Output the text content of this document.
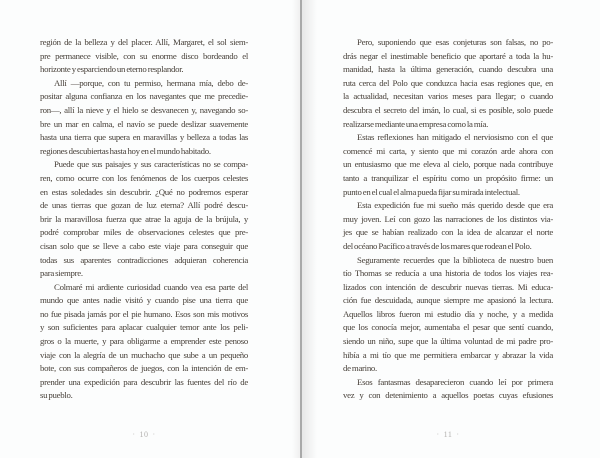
región de la belleza y del placer. Allí, Margaret, el sol siem-
pre permanece visible, con su enorme disco bordeando el
horizonte y esparciendo un eterno resplandor.
Allí —porque, con tu permiso, hermana mía, debo de-
positar alguna confianza en los navegantes que me precedie-
ron—, allí la nieve y el hielo se desvanecen y, navegando so-
bre un mar en calma, el navío se puede deslizar suavemente
hasta una tierra que supera en maravillas y belleza a todas las
regiones descubiertas hasta hoy en el mundo habitado.
Puede que sus paisajes y sus características no se compa-
ren, como ocurre con los fenómenos de los cuerpos celestes
en estas soledades sin descubrir. ¿Qué no podremos esperar
de unas tierras que gozan de luz eterna? Allí podré descu-
brir la maravillosa fuerza que atrae la aguja de la brújula, y
podré comprobar miles de observaciones celestes que pre-
cisan solo que se lleve a cabo este viaje para conseguir que
todas sus aparentes contradicciones adquieran coherencia
para siempre.
Colmaré mi ardiente curiosidad cuando vea esa parte del
mundo que antes nadie visitó y cuando pise una tierra que
no fue pisada jamás por el pie humano. Esos son mis motivos
y son suficientes para aplacar cualquier temor ante los peli-
gros o la muerte, y para obligarme a emprender este penoso
viaje con la alegría de un muchacho que sube a un pequeño
bote, con sus compañeros de juegos, con la intención de em-
prender una expedición para descubrir las fuentes del río de
su pueblo.
· 10 ·
Pero, suponiendo que esas conjeturas son falsas, no po-
drás negar el inestimable beneficio que aportaré a toda la hu-
manidad, hasta la última generación, cuando descubra una
ruta cerca del Polo que conduzca hacia esas regiones que, en
la actualidad, necesitan varios meses para llegar; o cuando
descubra el secreto del imán, lo cual, si es posible, solo puede
realizarse mediante una empresa como la mía.
Estas reflexiones han mitigado el nerviosismo con el que
comencé mi carta, y siento que mi corazón arde ahora con
un entusiasmo que me eleva al cielo, porque nada contribuye
tanto a tranquilizar el espíritu como un propósito firme: un
punto en el cual el alma pueda fijar su mirada intelectual.
Esta expedición fue mi sueño más querido desde que era
muy joven. Leí con gozo las narraciones de los distintos via-
jes que se habían realizado con la idea de alcanzar el norte
del océano Pacífico a través de los mares que rodean el Polo.
Seguramente recuerdes que la biblioteca de nuestro buen
tío Thomas se reducía a una historia de todos los viajes rea-
lizados con intención de descubrir nuevas tierras. Mi educa-
ción fue descuidada, aunque siempre me apasionó la lectura.
Aquellos libros fueron mi estudio día y noche, y a medida
que los conocía mejor, aumentaba el pesar que sentí cuando,
siendo un niño, supe que la última voluntad de mi padre pro-
hibía a mi tío que me permitiera embarcar y abrazar la vida
de marino.
Esos fantasmas desaparecieron cuando leí por primera
vez y con detenimiento a aquellos poetas cuyas efusiones
· 11 ·
